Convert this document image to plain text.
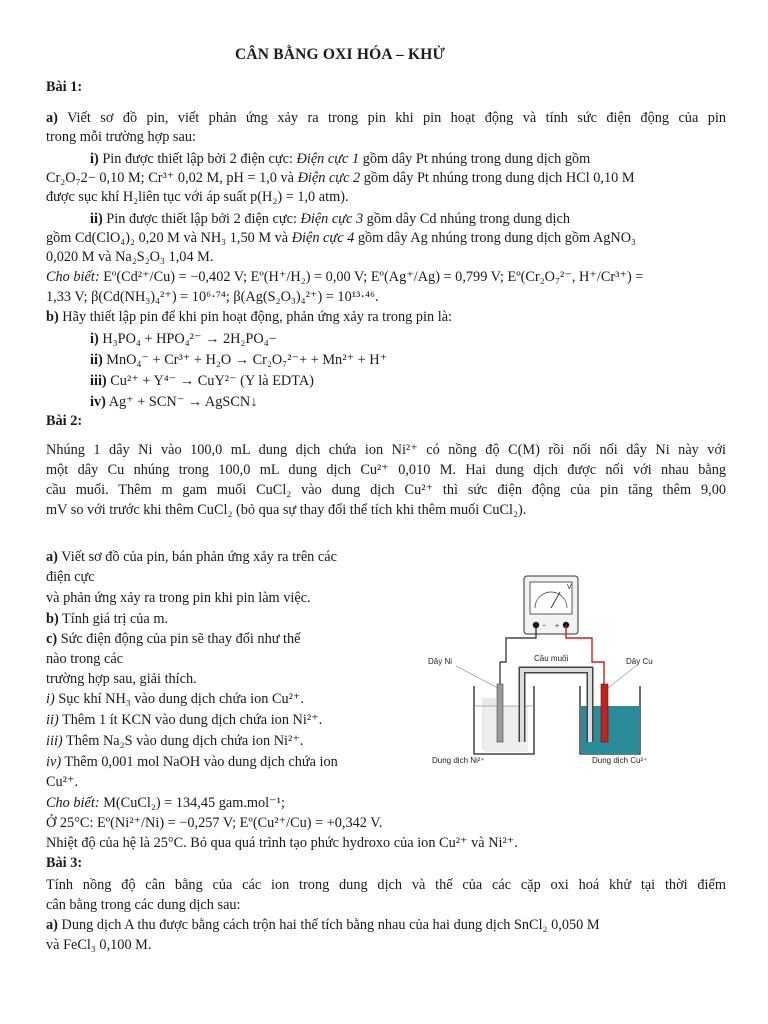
CÂN BẰNG OXI HÓA – KHỬ
Bài 1:
a) Viết sơ đồ pin, viết phản ứng xảy ra trong pin khi pin hoạt động và tính sức điện động của pin
trong mỗi trường hợp sau:
i) Pin được thiết lập bởi 2 điện cực: Điện cực 1 gồm dây Pt nhúng trong dung dịch gồm
Cr₂O₇2− 0,10 M; Cr³⁺ 0,02 M, pH = 1,0 và Điện cực 2 gồm dây Pt nhúng trong dung dịch HCl 0,10 M
được sục khí H₂liên tục với áp suất p(H₂) = 1,0 atm).
ii) Pin được thiết lập bởi 2 điện cực: Điện cực 3 gồm dây Cd nhúng trong dung dịch
gồm Cd(ClO₄)₂ 0,20 M và NH₃ 1,50 M và Điện cực 4 gồm dây Ag nhúng trong dung dịch gồm AgNO₃
0,020 M và Na₂S₂O₃ 1,04 M.
Cho biết: Eº(Cd²⁺/Cu) = −0,402 V; Eº(H⁺/H₂) = 0,00 V; Eº(Ag⁺/Ag) = 0,799 V; Eº(Cr₂O₇²⁻, H⁺/Cr³⁺) =
1,33 V; β(Cd(NH₃)₄²⁺) = 10⁶·⁷⁴; β(Ag(S₂O₃)₄²⁺) = 10¹³·⁴⁶.
b) Hãy thiết lập pin để khi pin hoạt động, phản ứng xảy ra trong pin là:
i) H₃PO₄ + HPO₄²⁻ → 2H₂PO₄−
ii) MnO₄⁻ + Cr³⁺ + H₂O → Cr₂O₇²⁻+ + Mn²⁺ + H⁺
iii) Cu²⁺ + Y⁴⁻ → CuY²⁻ (Y là EDTA)
iv) Ag⁺ + SCN⁻ → AgSCN↓
Bài 2:
Nhúng 1 dây Ni vào 100,0 mL dung dịch chứa ion Ni²⁺ có nồng độ C(M) rồi nối nối dây Ni này với
một dây Cu nhúng trong 100,0 mL dung dịch Cu²⁺ 0,010 M. Hai dung dịch được nối với nhau bằng
cầu muối. Thêm m gam muối CuCl₂ vào dung dịch Cu²⁺ thì sức điện động của pin tăng thêm 9,00
mV so với trước khi thêm CuCl₂ (bỏ qua sự thay đổi thể tích khi thêm muối CuCl₂).
a) Viết sơ đồ của pin, bán phản ứng xảy ra trên các
điện cực
và phản ứng xảy ra trong pin khi pin làm việc.
b) Tính giá trị của m.
c) Sức điện động của pin sẽ thay đổi như thế
nào trong các
trường hợp sau, giải thích.
i) Sục khí NH₃ vào dung dịch chứa ion Cu²⁺.
ii) Thêm 1 ít KCN vào dung dịch chứa ion Ni²⁺.
iii) Thêm Na₂S vào dung dịch chứa ion Ni²⁺.
iv) Thêm 0,001 mol NaOH vào dung dịch chứa ion
Cu²⁺.
Cho biết: M(CuCl₂) = 134,45 gam.mol⁻¹;
Ở 25°C: Eº(Ni²⁺/Ni) = −0,257 V; Eº(Cu²⁺/Cu) = +0,342 V.
Nhiệt độ của hệ là 25°C. Bỏ qua quá trình tạo phức hydroxo của ion Cu²⁺ và Ni²⁺.
Bài 3:
Tính nồng độ cân bằng của các ion trong dung dịch và thế của các cặp oxi hoá khử tại thời điểm
cân bằng trong các dung dịch sau:
a) Dung dịch A thu được bằng cách trộn hai thể tích bằng nhau của hai dung dịch SnCl₂ 0,050 M
và FeCl₃ 0,100 M.
V
− +
Dây Ni	Cầu muối	Dây Cu
Dung dịch Ni²⁺	Dung dịch Cu²⁺
